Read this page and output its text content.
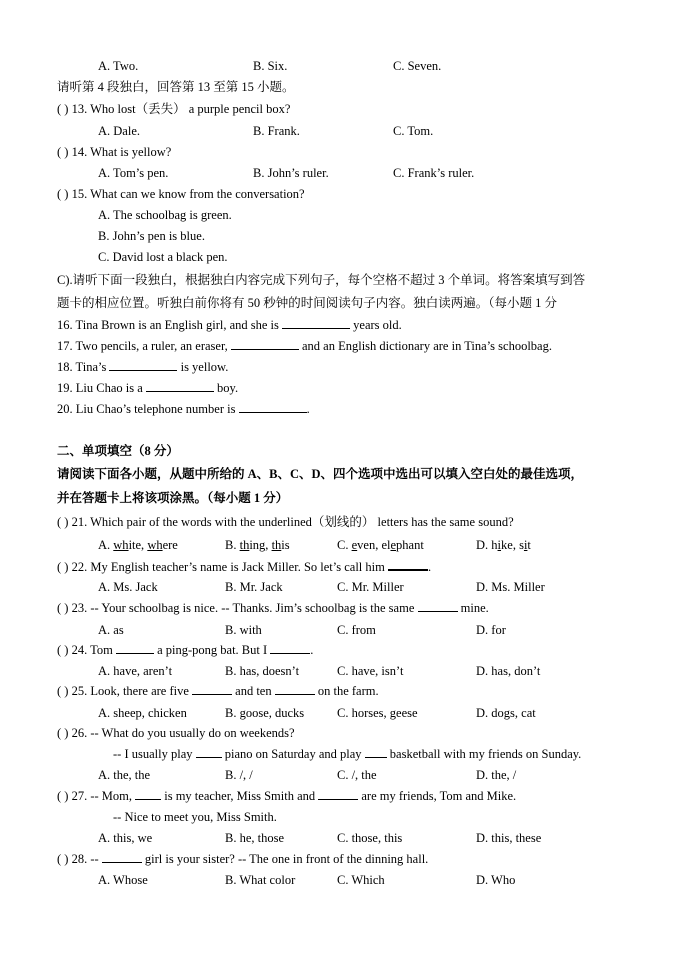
A. Two.	B. Six.	C. Seven.
请听第 4 段独白，回答第 13 至第 15 小题。
( ) 13. Who lost（丢失） a purple pencil box?
A. Dale.	B. Frank.	C. Tom.
( ) 14. What is yellow?
A. Tom’s pen.	B. John’s ruler.	C. Frank’s ruler.
( ) 15. What can we know from the conversation?
A. The schoolbag is green.
B. John’s pen is blue.
C. David lost a black pen.
C).请听下面一段独白，根据独白内容完成下列句子，每个空格不超过 3 个单词。将答案填写到答
题卡的相应位置。听独白前你将有 50 秒钟的时间阅读句子内容。独白读两遍。（每小题 1 分
16. Tina Brown is an English girl, and she is	years old.
17. Two pencils, a ruler, an eraser,	and an English dictionary are in Tina’s schoolbag.
18. Tina’s	is yellow.
19. Liu Chao is a	boy.
20. Liu Chao’s telephone number is	.
二、单项填空（8 分）
请阅读下面各小题，从题中所给的 A、B、C、D、四个选项中选出可以填入空白处的最佳选项，
并在答题卡上将该项涂黑。（每小题 1 分）
( ) 21. Which pair of the words with the underlined（划线的） letters has the same sound?
A. white, where	B. thing, this	C. even, elephant	D. hike, sit
( ) 22. My English teacher’s name is Jack Miller. So let’s call him	.
A. Ms. Jack	B. Mr. Jack	C. Mr. Miller	D. Ms. Miller
( ) 23. -- Your schoolbag is nice. -- Thanks. Jim’s schoolbag is the same	mine.
A. as	B. with	C. from	D. for
( ) 24. Tom	a ping-pong bat. But I	.
A. have, aren’t	B. has, doesn’t	C. have, isn’t	D. has, don’t
( ) 25. Look, there are five	and ten	on the farm.
A. sheep, chicken	B. goose, ducks	C. horses, geese	D. dogs, cat
( ) 26. -- What do you usually do on weekends?
-- I usually play	piano on Saturday and play basketball with my friends on Sunday.
A. the, the	B. /, /	C. /, the	D. the, /
( ) 27. -- Mom,	is my teacher, Miss Smith and	are my friends, Tom and Mike.
-- Nice to meet you, Miss Smith.
A. this, we	B. he, those	C. those, this	D. this, these
( ) 28. --	girl is your sister? -- The one in front of the dinning hall.
A. Whose	B. What color	C. Which	D. Who
